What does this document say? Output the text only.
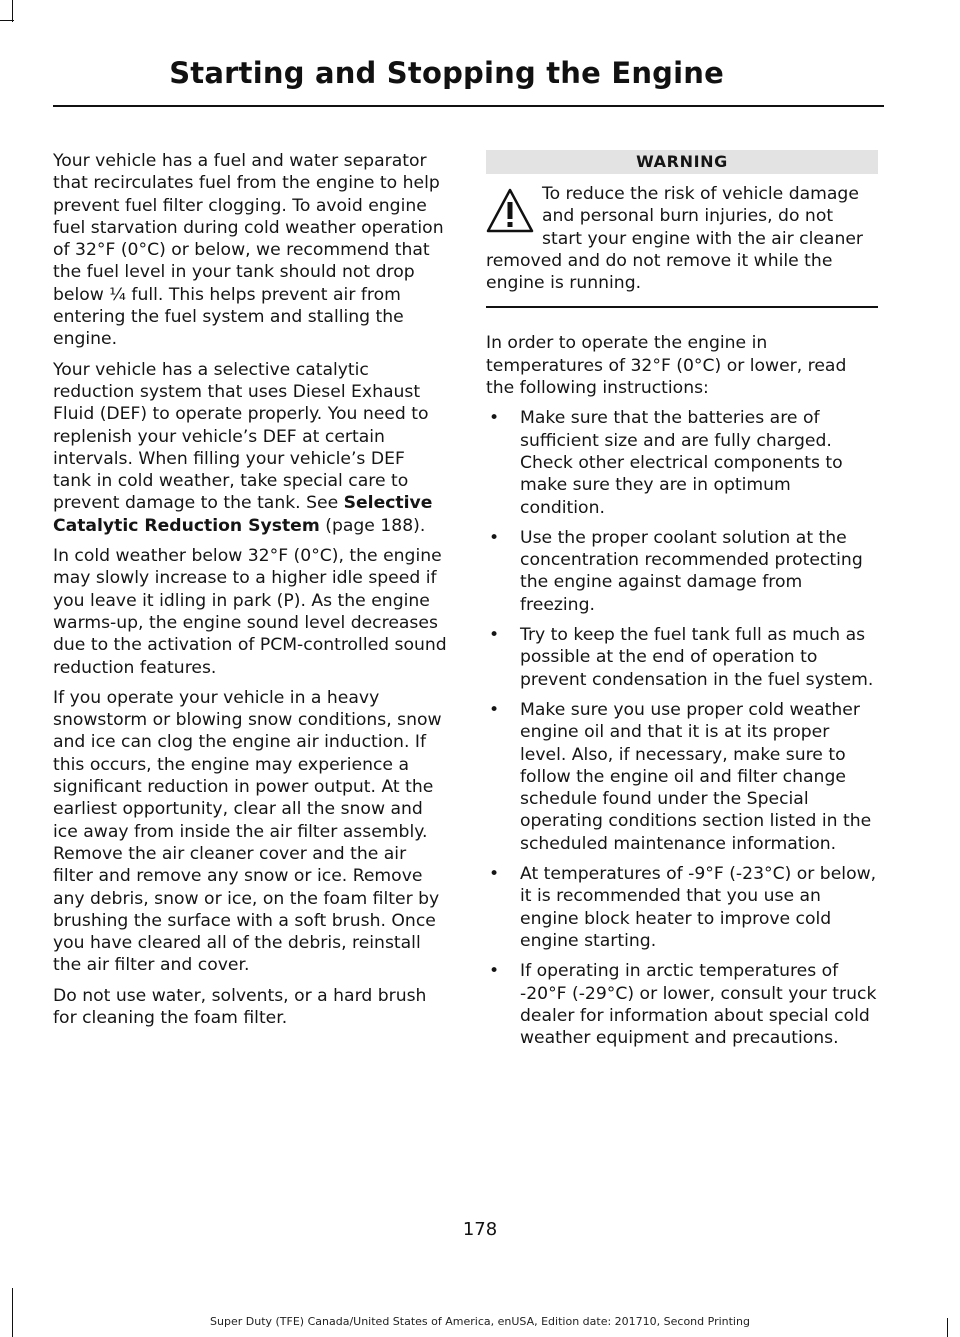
Starting and Stopping the Engine

Your vehicle has a fuel and water separator that recirculates fuel from the engine to help prevent fuel filter clogging. To avoid engine fuel starvation during cold weather operation of 32°F (0°C) or below, we recommend that the fuel level in your tank should not drop below ¼ full. This helps prevent air from entering the fuel system and stalling the engine.

Your vehicle has a selective catalytic reduction system that uses Diesel Exhaust Fluid (DEF) to operate properly. You need to replenish your vehicle’s DEF at certain intervals. When filling your vehicle’s DEF tank in cold weather, take special care to prevent damage to the tank. See Selective Catalytic Reduction System (page 188).

In cold weather below 32°F (0°C), the engine may slowly increase to a higher idle speed if you leave it idling in park (P). As the engine warms-up, the engine sound level decreases due to the activation of PCM-controlled sound reduction features.

If you operate your vehicle in a heavy snowstorm or blowing snow conditions, snow and ice can clog the engine air induction. If this occurs, the engine may experience a significant reduction in power output. At the earliest opportunity, clear all the snow and ice away from inside the air filter assembly. Remove the air cleaner cover and the air filter and remove any snow or ice. Remove any debris, snow or ice, on the foam filter by brushing the surface with a soft brush. Once you have cleared all of the debris, reinstall the air filter and cover.

Do not use water, solvents, or a hard brush for cleaning the foam filter.

WARNING
To reduce the risk of vehicle damage and personal burn injuries, do not start your engine with the air cleaner removed and do not remove it while the engine is running.

In order to operate the engine in temperatures of 32°F (0°C) or lower, read the following instructions:

• Make sure that the batteries are of sufficient size and are fully charged. Check other electrical components to make sure they are in optimum condition.
• Use the proper coolant solution at the concentration recommended protecting the engine against damage from freezing.
• Try to keep the fuel tank full as much as possible at the end of operation to prevent condensation in the fuel system.
• Make sure you use proper cold weather engine oil and that it is at its proper level. Also, if necessary, make sure to follow the engine oil and filter change schedule found under the Special operating conditions section listed in the scheduled maintenance information.
• At temperatures of -9°F (-23°C) or below, it is recommended that you use an engine block heater to improve cold engine starting.
• If operating in arctic temperatures of -20°F (-29°C) or lower, consult your truck dealer for information about special cold weather equipment and precautions.
178
Super Duty (TFE) Canada/United States of America, enUSA, Edition date: 201710, Second Printing
